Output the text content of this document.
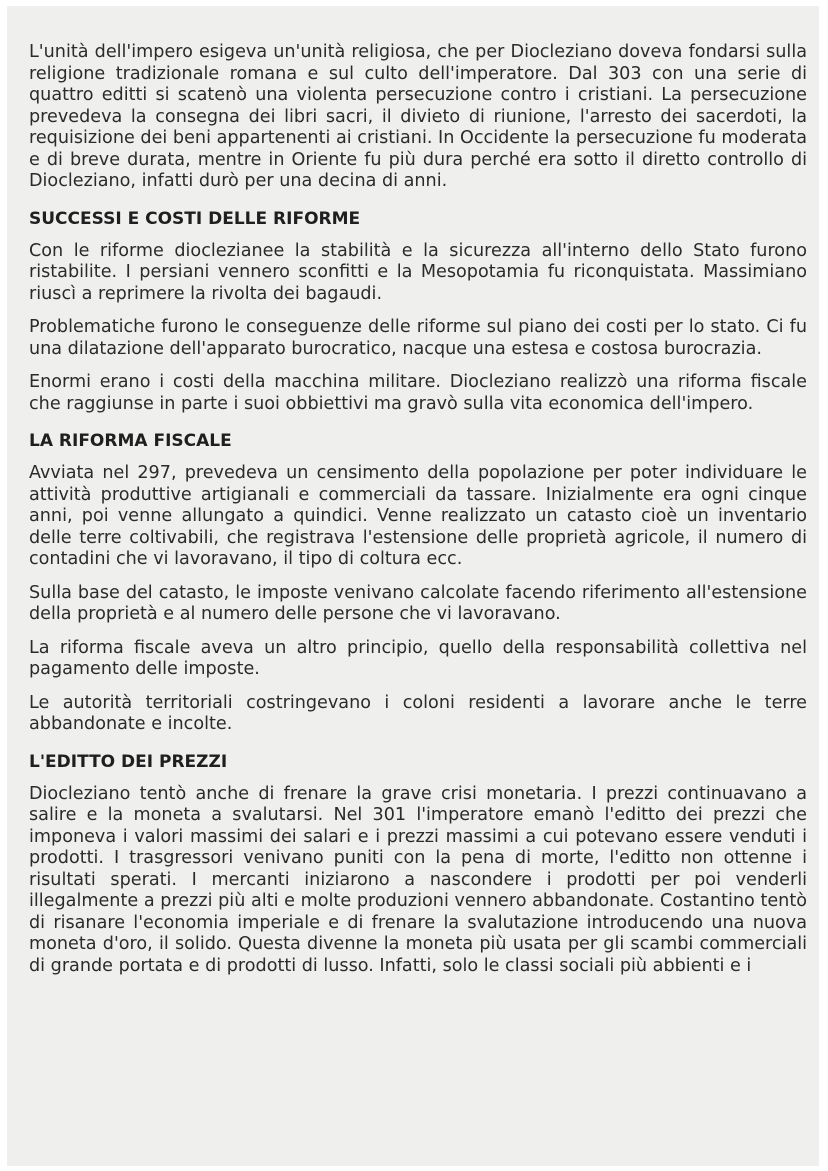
L'unità dell'impero esigeva un'unità religiosa, che per Diocleziano doveva fondarsi sulla religione tradizionale romana e sul culto dell'imperatore. Dal 303 con una serie di quattro editti si scatenò una violenta persecuzione contro i cristiani. La persecuzione prevedeva la consegna dei libri sacri, il divieto di riunione, l'arresto dei sacerdoti, la requisizione dei beni appartenenti ai cristiani. In Occidente la persecuzione fu moderata e di breve durata, mentre in Oriente fu più dura perché era sotto il diretto controllo di Diocleziano, infatti durò per una decina di anni.

SUCCESSI E COSTI DELLE RIFORME

Con le riforme dioclezianee la stabilità e la sicurezza all'interno dello Stato furono ristabilite. I persiani vennero sconfitti e la Mesopotamia fu riconquistata. Massimiano riuscì a reprimere la rivolta dei bagaudi.

Problematiche furono le conseguenze delle riforme sul piano dei costi per lo stato. Ci fu una dilatazione dell'apparato burocratico, nacque una estesa e costosa burocrazia.

Enormi erano i costi della macchina militare. Diocleziano realizzò una riforma fiscale che raggiunse in parte i suoi obbiettivi ma gravò sulla vita economica dell'impero.

LA RIFORMA FISCALE

Avviata nel 297, prevedeva un censimento della popolazione per poter individuare le attività produttive artigianali e commerciali da tassare. Inizialmente era ogni cinque anni, poi venne allungato a quindici. Venne realizzato un catasto cioè un inventario delle terre coltivabili, che registrava l'estensione delle proprietà agricole, il numero di contadini che vi lavoravano, il tipo di coltura ecc.

Sulla base del catasto, le imposte venivano calcolate facendo riferimento all'estensione della proprietà e al numero delle persone che vi lavoravano.

La riforma fiscale aveva un altro principio, quello della responsabilità collettiva nel pagamento delle imposte.

Le autorità territoriali costringevano i coloni residenti a lavorare anche le terre abbandonate e incolte.

L'EDITTO DEI PREZZI

Diocleziano tentò anche di frenare la grave crisi monetaria. I prezzi continuavano a salire e la moneta a svalutarsi. Nel 301 l'imperatore emanò l'editto dei prezzi che imponeva i valori massimi dei salari e i prezzi massimi a cui potevano essere venduti i prodotti. I trasgressori venivano puniti con la pena di morte, l'editto non ottenne i risultati sperati. I mercanti iniziarono a nascondere i prodotti per poi venderli illegalmente a prezzi più alti e molte produzioni vennero abbandonate. Costantino tentò di risanare l'economia imperiale e di frenare la svalutazione introducendo una nuova moneta d'oro, il solido. Questa divenne la moneta più usata per gli scambi commerciali di grande portata e di prodotti di lusso. Infatti, solo le classi sociali più abbienti e i
